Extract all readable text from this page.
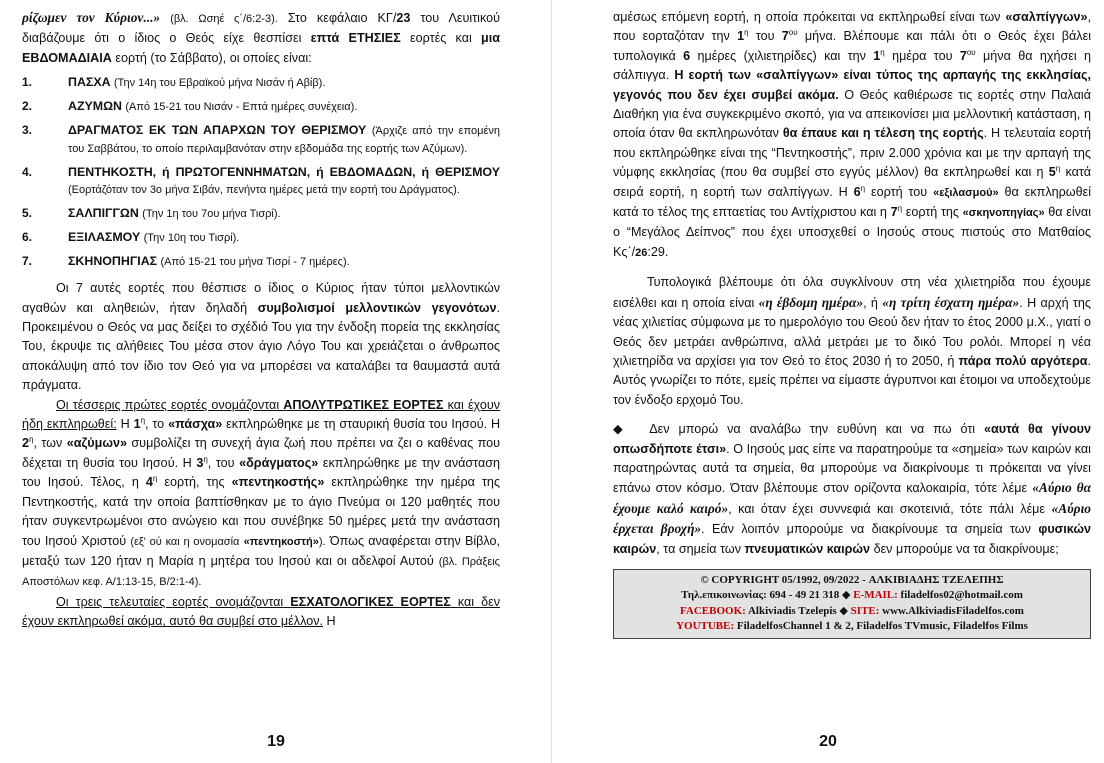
ρίζωμεν τον Κύριον...» (βλ. Ωσηέ ς΄/6:2-3). Στο κεφάλαιο ΚΓ/23 του Λευιτικού διαβάζουμε ότι ο ίδιος ο Θεός είχε θεσπίσει επτά ΕΤΗΣΙΕΣ εορτές και μια ΕΒΔΟΜΑΔΙΑΙΑ εορτή (το Σάββατο), οι οποίες είναι:

1.	ΠΑΣΧΑ (Την 14η του Εβραϊκού μήνα Νισάν ή Αβίβ).
2.	ΑΖΥΜΩΝ (Από 15-21 του Νισάν - Επτά ημέρες συνέχεια).
3.	ΔΡΑΓΜΑΤΟΣ ΕΚ ΤΩΝ ΑΠΑΡΧΩΝ ΤΟΥ ΘΕΡΙΣΜΟΥ (Άρχιζε από την επομένη του Σαββάτου, το οποίο περιλαμβανόταν στην εβδομάδα της εορτής των Αζύμων).
4.	ΠΕΝΤΗΚΟΣΤΗ, ή ΠΡΩΤΟΓΕΝΝΗΜΑΤΩΝ, ή ΕΒΔΟΜΑΔΩΝ, ή ΘΕΡΙΣΜΟΥ (Εορτάζόταν τον 3ο μήνα Σιβάν, πενήντα ημέρες μετά την εορτή του Δράγματος).
5.	ΣΑΛΠΙΓΓΩΝ (Την 1η του 7ου μήνα Τισρί).
6.	ΕΞΙΛΑΣΜΟΥ (Την 10η του Τισρί).
7.	ΣΚΗΝΟΠΗΓΙΑΣ (Από 15-21 του μήνα Τισρί - 7 ημέρες).

Οι 7 αυτές εορτές που θέσπισε ο ίδιος ο Κύριος ήταν τύποι μελλοντικών αγαθών και αληθειών, ήταν δηλαδή συμβολισμοί μελλοντικών γεγονότων. Προκειμένου ο Θεός να μας δείξει το σχέδιό Του για την ένδοξη πορεία της εκκλησίας Του, έκρυψε τις αλήθειες Του μέσα στον άγιο Λόγο Του και χρειάζεται ο άνθρωπος αποκάλυψη από τον ίδιο τον Θεό για να μπορέσει να καταλάβει τα θαυμαστά αυτά πράγματα.

Οι τέσσερις πρώτες εορτές ονομάζονται ΑΠΟΛΥΤΡΩΤΙΚΕΣ ΕΟΡΤΕΣ και έχουν ήδη εκπληρωθεί: Η $1^\eta$, το «πάσχα» εκπληρώθηκε με τη σταυρική θυσία του Ιησού. Η $2^\eta$, των «αζύμων» συμβολίζει τη συνεχή άγια ζωή που πρέπει να ζει ο καθένας που δέχεται τη θυσία του Ιησού. Η $3^\eta$, του «δράγματος» εκπληρώθηκε με την ανάσταση του Ιησού. Τέλος, η $4^\eta$ εορτή, της «πεντηκοστής» εκπληρώθηκε την ημέρα της Πεντηκοστής, κατά την οποία βαπτίσθηκαν με το άγιο Πνεύμα οι 120 μαθητές που ήταν συγκεντρωμένοι στο ανώγειο και που συνέβηκε 50 ημέρες μετά την ανάσταση του Ιησού Χριστού (εξ' ού και η ονομασία «πεντηκοστή»). Όπως αναφέρεται στην Βίβλο, μεταξύ των 120 ήταν η Μαρία η μητέρα του Ιησού και οι αδελφοί Αυτού (βλ. Πράξεις Αποστόλων κεφ. Α/1:13-15, Β/2:1-4).

Οι τρεις τελευταίες εορτές ονομάζονται ΕΣΧΑΤΟΛΟΓΙΚΕΣ ΕΟΡΤΕΣ και δεν έχουν εκπληρωθεί ακόμα, αυτό θα συμβεί στο μέλλον. Η

19

αμέσως επόμενη εορτή, η οποία πρόκειται να εκπληρωθεί είναι των «σαλπίγγων», που εορταζόταν την $1^\eta$ του $7^{o\upsilon}$ μήνα. Βλέπουμε και πάλι ότι ο Θεός έχει βάλει τυπολογικά 6 ημέρες (χιλιετηρίδες) και την $1^\eta$ ημέρα του $7^{o\upsilon}$ μήνα θα ηχήσει η σάλπιγγα. Η εορτή των «σαλπίγγων» είναι τύπος της αρπαγής της εκκλησίας, γεγονός που δεν έχει συμβεί ακόμα. Ο Θεός καθιέρωσε τις εορτές στην Παλαιά Διαθήκη για ένα συγκεκριμένο σκοπό, για να απεικονίσει μια μελλοντική κατάσταση, η οποία όταν θα εκπληρωνόταν θα έπαυε και η τέλεση της εορτής. Η τελευταία εορτή που εκπληρώθηκε είναι της “Πεντηκοστής”, πριν 2.000 χρόνια και με την αρπαγή της νύμφης εκκλησίας (που θα συμβεί στο εγγύς μέλλον) θα εκπληρωθεί και η $5^\eta$ κατά σειρά εορτή, η εορτή των σαλπίγγων. Η $6^\eta$ εορτή του «εξιλασμού» θα εκπληρωθεί κατά το τέλος της επταετίας του Αντίχριστου και η $7^\eta$ εορτή της «σκηνοπηγίας» θα είναι ο “Μεγάλος Δείπνος” που έχει υποσχεθεί ο Ιησούς στους πιστούς στο Ματθαίος Κς΄/26:29.

Τυπολογικά βλέπουμε ότι όλα συγκλίνουν στη νέα χιλιετηρίδα που έχουμε εισέλθει και η οποία είναι «η έβδομη ημέρα», ή «η τρίτη έσχατη ημέρα». Η αρχή της νέας χιλιετίας σύμφωνα με το ημερολόγιο του Θεού δεν ήταν το έτος 2000 μ.Χ., γιατί ο Θεός δεν μετράει ανθρώπινα, αλλά μετράει με το δικό Του ρολόι. Μπορεί η νέα χιλιετηρίδα να αρχίσει για τον Θεό το έτος 2030 ή το 2050, ή πάρα πολύ αργότερα. Αυτός γνωρίζει το πότε, εμείς πρέπει να είμαστε άγρυπνοι και έτοιμοι να υποδεχτούμε τον ένδοξο ερχομό Του.

◆ Δεν μπορώ να αναλάβω την ευθύνη και να πω ότι «αυτά θα γίνουν οπωσδήποτε έτσι». Ο Ιησούς μας είπε να παρατηρούμε τα «σημεία» των καιρών και παρατηρώντας αυτά τα σημεία, θα μπορούμε να διακρίνουμε τι πρόκειται να γίνει επάνω στον κόσμο. Όταν βλέπουμε στον ορίζοντα καλοκαιρία, τότε λέμε «Αύριο θα έχουμε καλό καιρό», και όταν έχει συννεφιά και σκοτεινιά, τότε πάλι λέμε «Αύριο έρχεται βροχή». Εάν λοιπόν μπορούμε να διακρίνουμε τα σημεία των φυσικών καιρών, τα σημεία των πνευματικών καιρών δεν μπορούμε να τα διακρίνουμε;

© COPYRIGHT 05/1992, 09/2022 - ΑΛΚΙΒΙΑΔΗΣ ΤΖΕΛΕΠΗΣ
Τηλ.επικοινωνίας: 694 - 49 21 318 ◆ E-MAIL: filadelfos02@hotmail.com
FACEBOOK: Alkiviadis Tzelepis ◆ SITE: www.AlkiviadisFiladelfos.com
YOUTUBE: FiladelfosChannel 1 & 2, Filadelfos TVmusic, Filadelfos Films
20
